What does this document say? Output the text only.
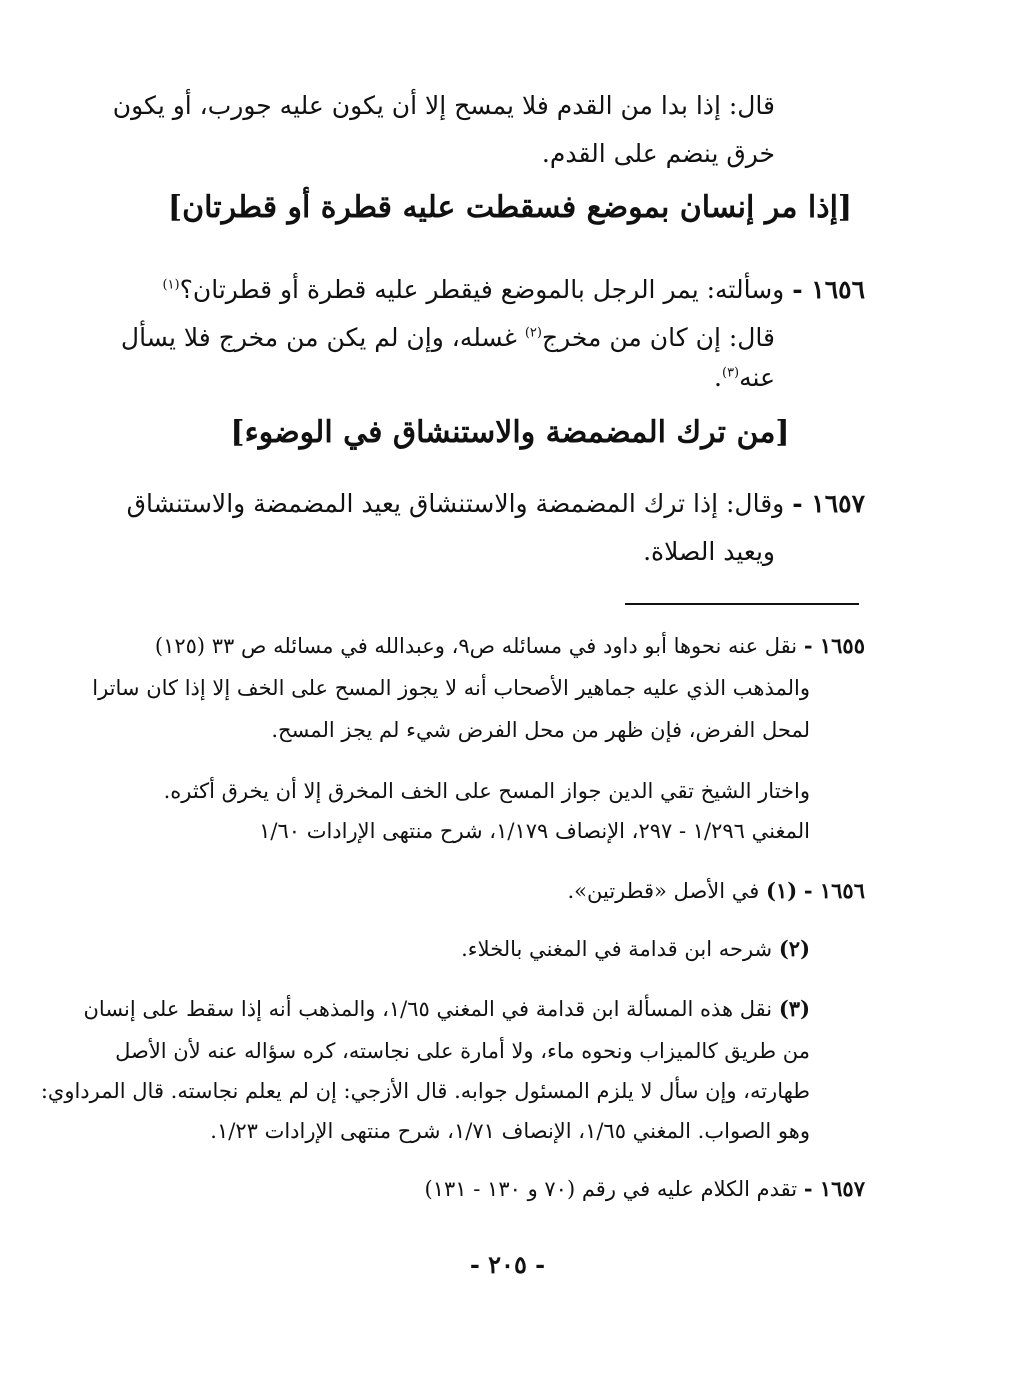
قال: إذا بدا من القدم فلا يمسح إلا أن يكون عليه جورب، أو يكون
خرق ينضم على القدم.
[إذا مر إنسان بموضع فسقطت عليه قطرة أو قطرتان]
١٦٥٦ - وسألته: يمر الرجل بالموضع فيقطر عليه قطرة أو قطرتان؟$^{(١)}$
قال: إن كان من مخرج$^{(٢)}$ غسله، وإن لم يكن من مخرج فلا يسأل
عنه$^{(٣)}$.
[من ترك المضمضة والاستنشاق في الوضوء]
١٦٥٧ - وقال: إذا ترك المضمضة والاستنشاق يعيد المضمضة والاستنشاق
ويعيد الصلاة.
١٦٥٥ - نقل عنه نحوها أبو داود في مسائله ص٩، وعبدالله في مسائله ص ٣٣ (١٢٥)
والمذهب الذي عليه جماهير الأصحاب أنه لا يجوز المسح على الخف إلا إذا كان ساترا
لمحل الفرض، فإن ظهر من محل الفرض شيء لم يجز المسح.
واختار الشيخ تقي الدين جواز المسح على الخف المخرق إلا أن يخرق أكثره.
المغني ١/٢٩٦ - ٢٩٧، الإنصاف ١/١٧٩، شرح منتهى الإرادات ١/٦٠
١٦٥٦ - (١) في الأصل «قطرتين».
(٢) شرحه ابن قدامة في المغني بالخلاء.
(٣) نقل هذه المسألة ابن قدامة في المغني ١/٦٥، والمذهب أنه إذا سقط على إنسان
من طريق كالميزاب ونحوه ماء، ولا أمارة على نجاسته، كره سؤاله عنه لأن الأصل
طهارته، وإن سأل لا يلزم المسئول جوابه. قال الأزجي: إن لم يعلم نجاسته. قال المرداوي:
وهو الصواب. المغني ١/٦٥، الإنصاف ١/٧١، شرح منتهى الإرادات ١/٢٣.
١٦٥٧ - تقدم الكلام عليه في رقم (٧٠ و ١٣٠ - ١٣١)
- ٢٠٥ -
